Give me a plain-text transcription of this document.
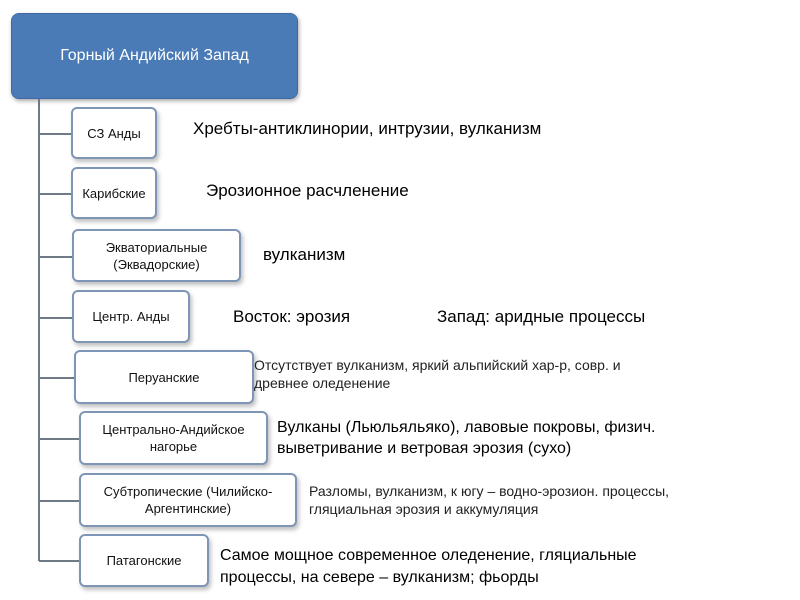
Горный Андийский Запад
СЗ Анды
Карибские
Экваториальные (Эквадорские)
Центр. Анды
Перуанские
Центрально-Андийское нагорье
Субтропические (Чилийско-Аргентинские)
Патагонские
Хребты-антиклинории, интрузии, вулканизм
Эрозионное расчленение
вулканизм
Восток: эрозия	Запад: аридные процессы
Отсутствует вулканизм, яркий альпийский хар-р, совр. и
древнее оледенение
Вулканы (Льюльяльяко), лавовые покровы, физич.
выветривание и ветровая эрозия (сухо)
Разломы, вулканизм, к югу – водно-эрозион. процессы,
гляциальная эрозия и аккумуляция
Самое мощное современное оледенение, гляциальные
процессы, на севере – вулканизм; фьорды
